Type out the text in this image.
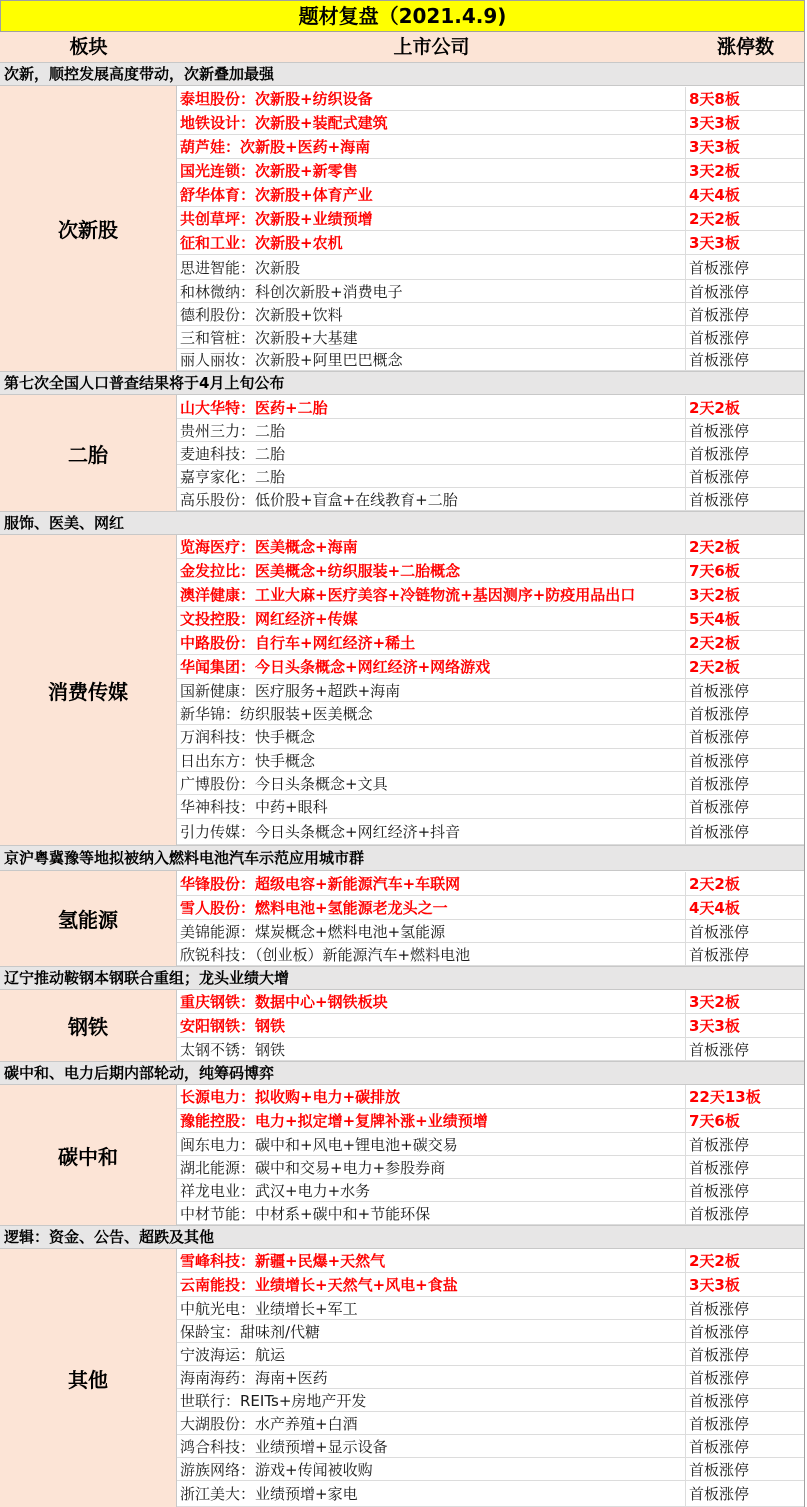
题材复盘（2021.4.9)
板块	上市公司	涨停数
次新，顺控发展高度带动，次新叠加最强
次新股
泰坦股份：次新股+纺织设备	8天8板
地铁设计：次新股+装配式建筑	3天3板
葫芦娃：次新股+医药+海南	3天3板
国光连锁：次新股+新零售	3天2板
舒华体育：次新股+体育产业	4天4板
共创草坪：次新股+业绩预增	2天2板
征和工业：次新股+农机	3天3板
思进智能：次新股	首板涨停
和林微纳：科创次新股+消费电子	首板涨停
德利股份：次新股+饮料	首板涨停
三和管桩：次新股+大基建	首板涨停
丽人丽妆：次新股+阿里巴巴概念	首板涨停
第七次全国人口普查结果将于4月上旬公布
二胎
山大华特：医药+二胎	2天2板
贵州三力：二胎	首板涨停
麦迪科技：二胎	首板涨停
嘉亨家化：二胎	首板涨停
高乐股份：低价股+盲盒+在线教育+二胎	首板涨停
服饰、医美、网红
消费传媒
览海医疗：医美概念+海南	2天2板
金发拉比：医美概念+纺织服装+二胎概念	7天6板
澳洋健康：工业大麻+医疗美容+冷链物流+基因测序+防疫用品出口	3天2板
文投控股：网红经济+传媒	5天4板
中路股份：自行车+网红经济+稀土	2天2板
华闻集团：今日头条概念+网红经济+网络游戏	2天2板
国新健康：医疗服务+超跌+海南	首板涨停
新华锦：纺织服装+医美概念	首板涨停
万润科技：快手概念	首板涨停
日出东方：快手概念	首板涨停
广博股份：今日头条概念+文具	首板涨停
华神科技：中药+眼科	首板涨停
引力传媒：今日头条概念+网红经济+抖音	首板涨停
京沪粤冀豫等地拟被纳入燃料电池汽车示范应用城市群
氢能源
华锋股份：超级电容+新能源汽车+车联网	2天2板
雪人股份：燃料电池+氢能源老龙头之一	4天4板
美锦能源：煤炭概念+燃料电池+氢能源	首板涨停
欣锐科技：（创业板）新能源汽车+燃料电池	首板涨停
辽宁推动鞍钢本钢联合重组；龙头业绩大增
钢铁
重庆钢铁：数据中心+钢铁板块	3天2板
安阳钢铁：钢铁	3天3板
太钢不锈：钢铁	首板涨停
碳中和、电力后期内部轮动，纯筹码博弈
碳中和
长源电力：拟收购+电力+碳排放	22天13板
豫能控股：电力+拟定增+复牌补涨+业绩预增	7天6板
闽东电力：碳中和+风电+锂电池+碳交易	首板涨停
湖北能源：碳中和交易+电力+参股券商	首板涨停
祥龙电业：武汉+电力+水务	首板涨停
中材节能：中材系+碳中和+节能环保	首板涨停
逻辑：资金、公告、超跌及其他
其他
雪峰科技：新疆+民爆+天然气	2天2板
云南能投：业绩增长+天然气+风电+食盐	3天3板
中航光电：业绩增长+军工	首板涨停
保龄宝：甜味剂/代糖	首板涨停
宁波海运：航运	首板涨停
海南海药：海南+医药	首板涨停
世联行：REITs+房地产开发	首板涨停
大湖股份：水产养殖+白酒	首板涨停
鸿合科技：业绩预增+显示设备	首板涨停
游族网络：游戏+传闻被收购	首板涨停
浙江美大：业绩预增+家电	首板涨停
